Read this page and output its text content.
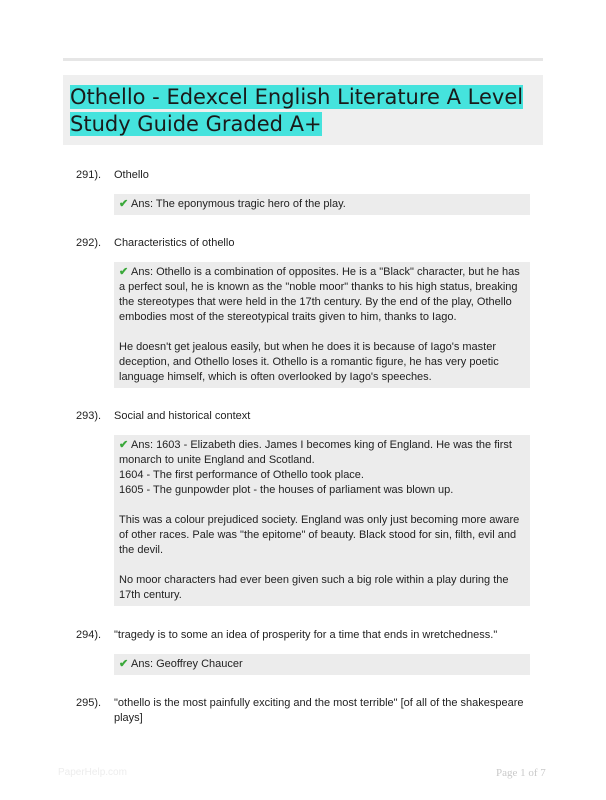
Othello - Edexcel English Literature A Level Study Guide Graded A+
291). Othello

✔ Ans: The eponymous tragic hero of the play.

292). Characteristics of othello

✔ Ans: Othello is a combination of opposites. He is a "Black" character, but he has a perfect soul, he is known as the "noble moor" thanks to his high status, breaking the stereotypes that were held in the 17th century. By the end of the play, Othello embodies most of the stereotypical traits given to him, thanks to Iago.

He doesn't get jealous easily, but when he does it is because of Iago's master deception, and Othello loses it. Othello is a romantic figure, he has very poetic language himself, which is often overlooked by Iago's speeches.

293). Social and historical context

✔ Ans: 1603 - Elizabeth dies. James I becomes king of England. He was the first monarch to unite England and Scotland.
1604 - The first performance of Othello took place.
1605 - The gunpowder plot - the houses of parliament was blown up.

This was a colour prejudiced society. England was only just becoming more aware of other races. Pale was "the epitome" of beauty. Black stood for sin, filth, evil and the devil.

No moor characters had ever been given such a big role within a play during the 17th century.

294). "tragedy is to some an idea of prosperity for a time that ends in wretchedness."

✔ Ans: Geoffrey Chaucer

295). "othello is the most painfully exciting and the most terrible" [of all of the shakespeare plays]
PaperHelp.com	Page 1 of 7
